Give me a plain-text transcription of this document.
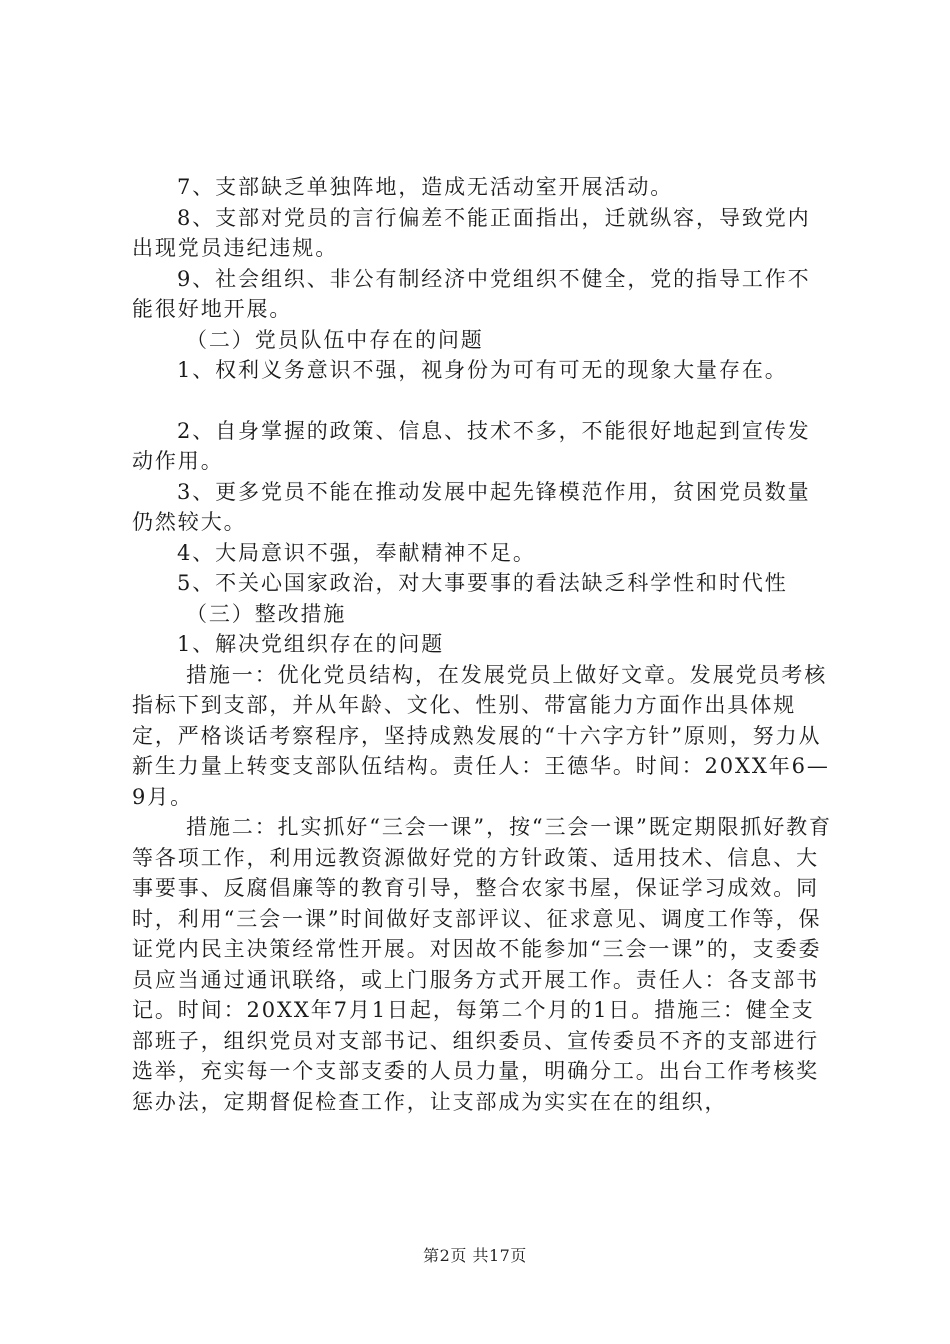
7、支部缺乏单独阵地，造成无活动室开展活动。

8、支部对党员的言行偏差不能正面指出，迁就纵容，导致党内出现党员违纪违规。

9、社会组织、非公有制经济中党组织不健全，党的指导工作不能很好地开展。

（二）党员队伍中存在的问题

1、权利义务意识不强，视身份为可有可无的现象大量存在。

2、自身掌握的政策、信息、技术不多，不能很好地起到宣传发动作用。

3、更多党员不能在推动发展中起先锋模范作用，贫困党员数量仍然较大。

4、大局意识不强，奉献精神不足。

5、不关心国家政治，对大事要事的看法缺乏科学性和时代性

（三）整改措施

1、解决党组织存在的问题

措施一：优化党员结构，在发展党员上做好文章。发展党员考核指标下到支部，并从年龄、文化、性别、带富能力方面作出具体规定，严格谈话考察程序，坚持成熟发展的“十六字方针”原则，努力从新生力量上转变支部队伍结构。责任人：王德华。时间：20XX年6—9月。

措施二：扎实抓好“三会一课”，按“三会一课”既定期限抓好教育等各项工作，利用远教资源做好党的方针政策、适用技术、信息、大事要事、反腐倡廉等的教育引导，整合农家书屋，保证学习成效。同时，利用“三会一课”时间做好支部评议、征求意见、调度工作等，保证党内民主决策经常性开展。对因故不能参加“三会一课”的，支委委员应当通过通讯联络，或上门服务方式开展工作。责任人：各支部书记。时间：20XX年7月1日起，每第二个月的1日。措施三：健全支部班子，组织党员对支部书记、组织委员、宣传委员不齐的支部进行选举，充实每一个支部支委的人员力量，明确分工。出台工作考核奖惩办法，定期督促检查工作，让支部成为实实在在的组织，

第2页 共17页
